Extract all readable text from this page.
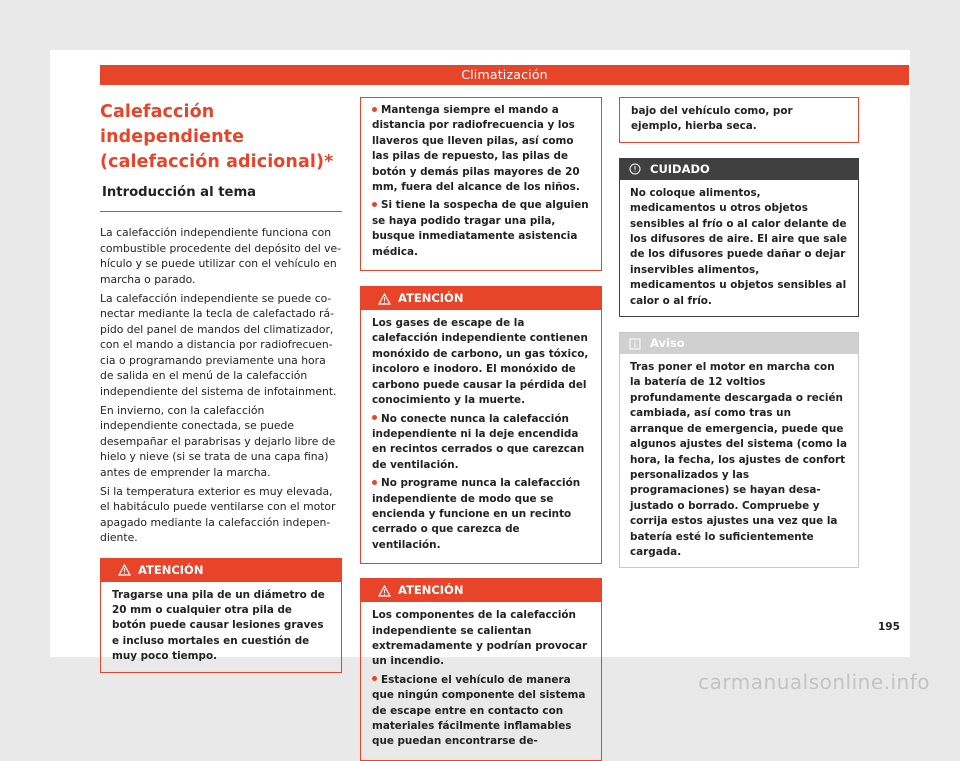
Climatización
Calefacción independiente
(calefacción adicional)*
Introducción al tema

La calefacción independiente funciona con combustible procedente del depósito del vehículo y se puede utilizar con el vehículo en marcha o parado.

La calefacción independiente se puede conectar mediante la tecla de calefactado rápido del panel de mandos del climatizador, con el mando a distancia por radiofrecuencia o programando previamente una hora de salida en el menú de la calefacción independiente del sistema de infotainment.

En invierno, con la calefacción independiente conectada, se puede desempañar el parabrisas y dejarlo libre de hielo y nieve (si se trata de una capa fina) antes de emprender la marcha.

Si la temperatura exterior es muy elevada, el habitáculo puede ventilarse con el motor apagado mediante la calefacción independiente.

ATENCIÓN
Tragarse una pila de un diámetro de 20 mm o cualquier otra pila de botón puede causar lesiones graves e incluso mortales en cuestión de muy poco tiempo.

Mantenga siempre el mando a distancia por radiofrecuencia y los llaveros que lleven pilas, así como las pilas de repuesto, las pilas de botón y demás pilas mayores de 20 mm, fuera del alcance de los niños.

Si tiene la sospecha de que alguien se haya podido tragar una pila, busque inmediatamente asistencia médica.

ATENCIÓN

Los gases de escape de la calefacción independiente contienen monóxido de carbono, un gas tóxico, incoloro e inodoro. El monóxido de carbono puede causar la pérdida del conocimiento y la muerte.

No conecte nunca la calefacción independiente ni la deje encendida en recintos cerrados o que carezcan de ventilación.

No programe nunca la calefacción independiente de modo que se encienda y funcione en un recinto cerrado o que carezca de ventilación.

ATENCIÓN

Los componentes de la calefacción independiente se calientan extremadamente y podrían provocar un incendio.

Estacione el vehículo de manera que ningún componente del sistema de escape entre en contacto con materiales fácilmente inflamables que puedan encontrarse de-

bajo del vehículo como, por ejemplo, hierba seca.
CUIDADO
No coloque alimentos, medicamentos u otros objetos sensibles al frío o al calor delante de los difusores de aire. El aire que sale de los difusores puede dañar o dejar inservibles alimentos, medicamentos u objetos sensibles al calor o al frío.
Aviso
Tras poner el motor en marcha con la batería de 12 voltios profundamente descargada o recién cambiada, así como tras un arranque de emergencia, puede que algunos ajustes del sistema (como la hora, la fecha, los ajustes de confort personalizados y las programaciones) se hayan desajustado o borrado. Compruebe y corrija estos ajustes una vez que la batería esté lo suficientemente cargada.
195
carmanualsonline.info
